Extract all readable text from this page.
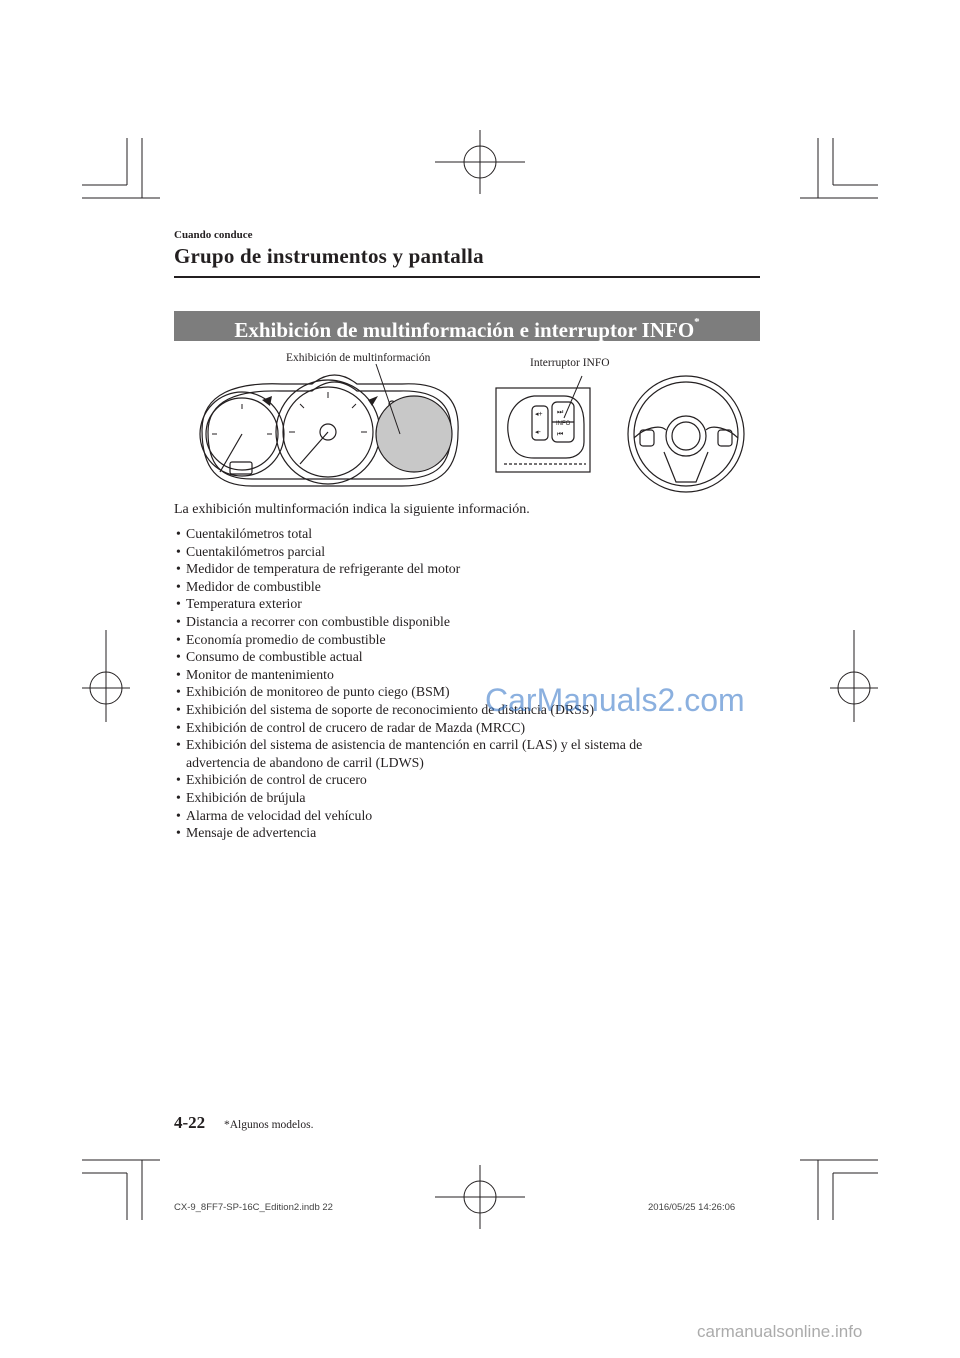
Cuando conduce
Grupo de instrumentos y pantalla
Exhibición de multinformación e interruptor INFO*
Exhibición de multinformación	Interruptor INFO
INFO
◂+
◂-
⏭
⏮
La exhibición multinformación indica la siguiente información.
• Cuentakilómetros total
• Cuentakilómetros parcial
• Medidor de temperatura de refrigerante del motor
• Medidor de combustible
• Temperatura exterior
• Distancia a recorrer con combustible disponible
• Economía promedio de combustible
• Consumo de combustible actual
• Monitor de mantenimiento
• Exhibición de monitoreo de punto ciego (BSM)
• Exhibición del sistema de soporte de reconocimiento de distancia (DRSS)
• Exhibición de control de crucero de radar de Mazda (MRCC)
• Exhibición del sistema de asistencia de mantención en carril (LAS) y el sistema de
advertencia de abandono de carril (LDWS)
• Exhibición de control de crucero
• Exhibición de brújula
• Alarma de velocidad del vehículo
• Mensaje de advertencia
CarManuals2.com
4-22 *Algunos modelos.
CX-9_8FF7-SP-16C_Edition2.indb 22	2016/05/25 14:26:06
carmanualsonline.info
